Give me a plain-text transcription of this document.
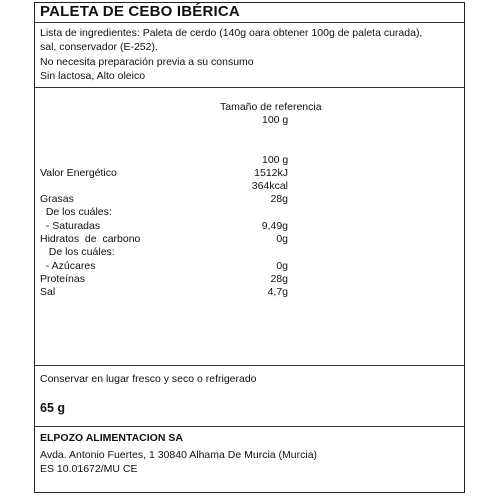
PALETA DE CEBO IBÉRICA
Lista de ingredientes: Paleta de cerdo (140g oara obtener 100g de paleta curada), sal, conservador (E-252).
No necesita preparación previa a su consumo
Sin lactosa, Alto oleico
Tamaño de referencia
100 g
100 g
Valor Energético	1512kJ
364kcal
Grasas	28g
De los cuáles:
- Saturadas	9,49g
Hidratos  de  carbono	0g
De los cuáles:
- Azúcares	0g
Proteínas	28g
Sal	4,7g
Conservar en lugar fresco y seco o refrigerado
65 g
ELPOZO ALIMENTACION SA
Avda. Antonio Fuertes, 1 30840 Alhama De Murcia (Murcia)
ES 10.01672/MU CE
